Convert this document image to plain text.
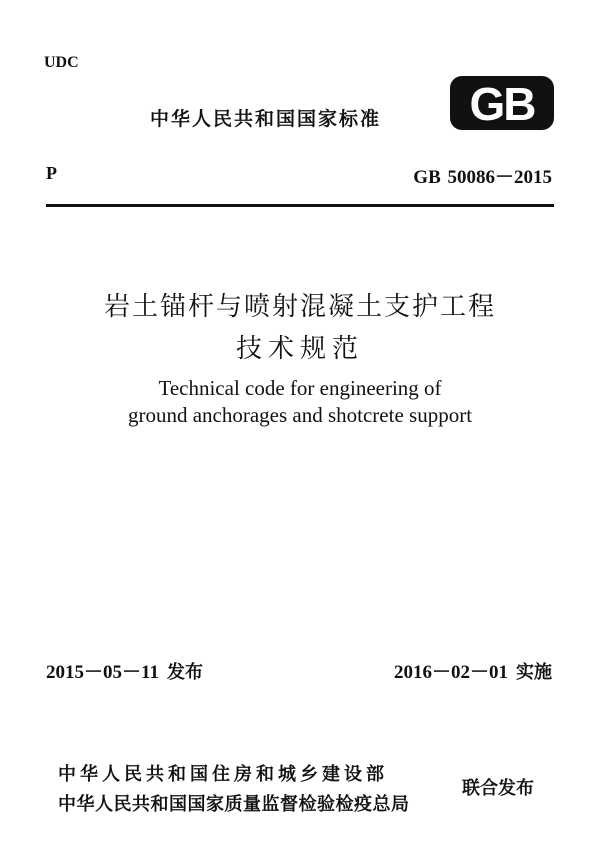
UDC
中华人民共和国国家标准 GB
P	GB 50086－2015
岩土锚杆与喷射混凝土支护工程
技术规范
Technical code for engineering of
ground anchorages and shotcrete support
2015－05－11 发布	2016－02－01 实施
中华人民共和国住房和城乡建设部
中华人民共和国国家质量监督检验检疫总局
联合发布
